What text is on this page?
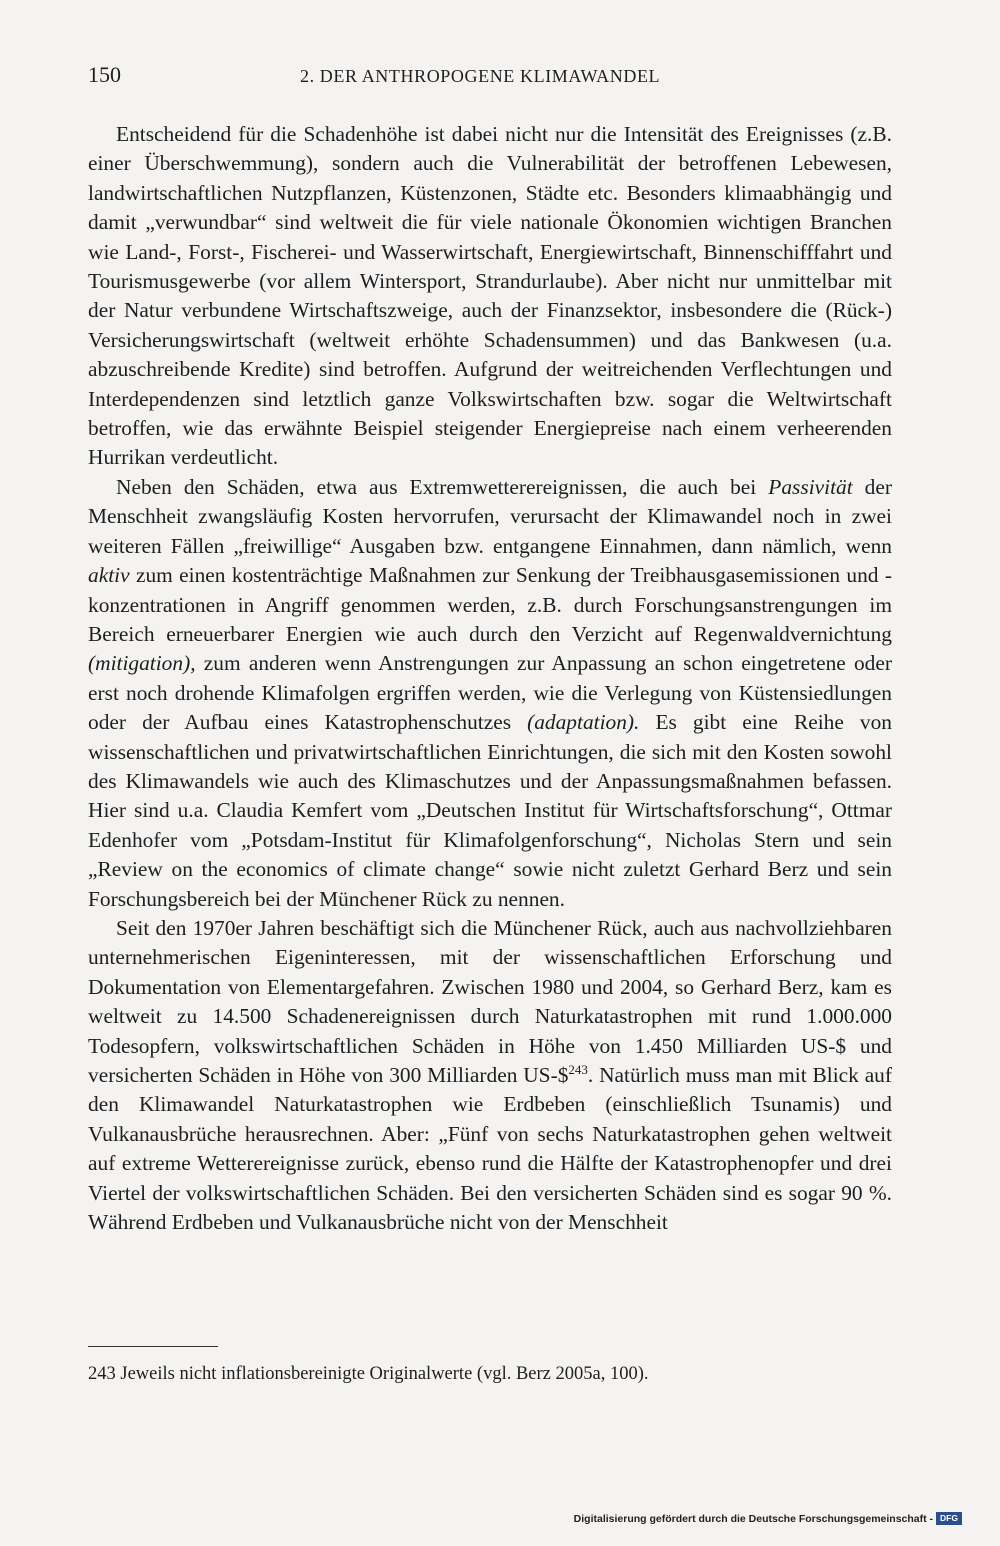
150	2. DER ANTHROPOGENE KLIMAWANDEL

Entscheidend für die Schadenhöhe ist dabei nicht nur die Intensität des Ereignisses (z.B. einer Überschwemmung), sondern auch die Vulnerabilität der betroffenen Lebewesen, landwirtschaftlichen Nutzpflanzen, Küstenzonen, Städte etc. Besonders klimaabhängig und damit „verwundbar“ sind weltweit die für viele nationale Ökonomien wichtigen Branchen wie Land-, Forst-, Fischerei- und Wasserwirtschaft, Energiewirtschaft, Binnenschifffahrt und Tourismusgewerbe (vor allem Wintersport, Strandurlaube). Aber nicht nur unmittelbar mit der Natur verbundene Wirtschaftszweige, auch der Finanzsektor, insbesondere die (Rück-) Versicherungswirtschaft (weltweit erhöhte Schadensummen) und das Bankwesen (u.a. abzuschreibende Kredite) sind betroffen. Aufgrund der weitreichenden Verflechtungen und Interdependenzen sind letztlich ganze Volkswirtschaften bzw. sogar die Weltwirtschaft betroffen, wie das erwähnte Beispiel steigender Energiepreise nach einem verheerenden Hurrikan verdeutlicht.

Neben den Schäden, etwa aus Extremwetterereignissen, die auch bei Passivität der Menschheit zwangsläufig Kosten hervorrufen, verursacht der Klimawandel noch in zwei weiteren Fällen „freiwillige“ Ausgaben bzw. entgangene Einnahmen, dann nämlich, wenn aktiv zum einen kostenträchtige Maßnahmen zur Senkung der Treibhausgasemissionen und -konzentrationen in Angriff genommen werden, z.B. durch Forschungsanstrengungen im Bereich erneuerbarer Energien wie auch durch den Verzicht auf Regenwaldvernichtung (mitigation), zum anderen wenn Anstrengungen zur Anpassung an schon eingetretene oder erst noch drohende Klimafolgen ergriffen werden, wie die Verlegung von Küstensiedlungen oder der Aufbau eines Katastrophenschutzes (adaptation). Es gibt eine Reihe von wissenschaftlichen und privatwirtschaftlichen Einrichtungen, die sich mit den Kosten sowohl des Klimawandels wie auch des Klimaschutzes und der Anpassungsmaßnahmen befassen. Hier sind u.a. Claudia Kemfert vom „Deutschen Institut für Wirtschaftsforschung“, Ottmar Edenhofer vom „Potsdam-Institut für Klimafolgenforschung“, Nicholas Stern und sein „Review on the economics of climate change“ sowie nicht zuletzt Gerhard Berz und sein Forschungsbereich bei der Münchener Rück zu nennen.

Seit den 1970er Jahren beschäftigt sich die Münchener Rück, auch aus nachvollziehbaren unternehmerischen Eigeninteressen, mit der wissenschaftlichen Erforschung und Dokumentation von Elementargefahren. Zwischen 1980 und 2004, so Gerhard Berz, kam es weltweit zu 14.500 Schadenereignissen durch Naturkatastrophen mit rund 1.000.000 Todesopfern, volkswirtschaftlichen Schäden in Höhe von 1.450 Milliarden US-$ und versicherten Schäden in Höhe von 300 Milliarden US-\$$^{243}$. Natürlich muss man mit Blick auf den Klimawandel Naturkatastrophen wie Erdbeben (einschließlich Tsunamis) und Vulkanausbrüche herausrechnen. Aber: „Fünf von sechs Naturkatastrophen gehen weltweit auf extreme Wetterereignisse zurück, ebenso rund die Hälfte der Katastrophenopfer und drei Viertel der volkswirtschaftlichen Schäden. Bei den versicherten Schäden sind es sogar 90 %. Während Erdbeben und Vulkanausbrüche nicht von der Menschheit

243 Jeweils nicht inflationsbereinigte Originalwerte (vgl. Berz 2005a, 100).
Digitalisierung gefördert durch die Deutsche Forschungsgemeinschaft - DFG
